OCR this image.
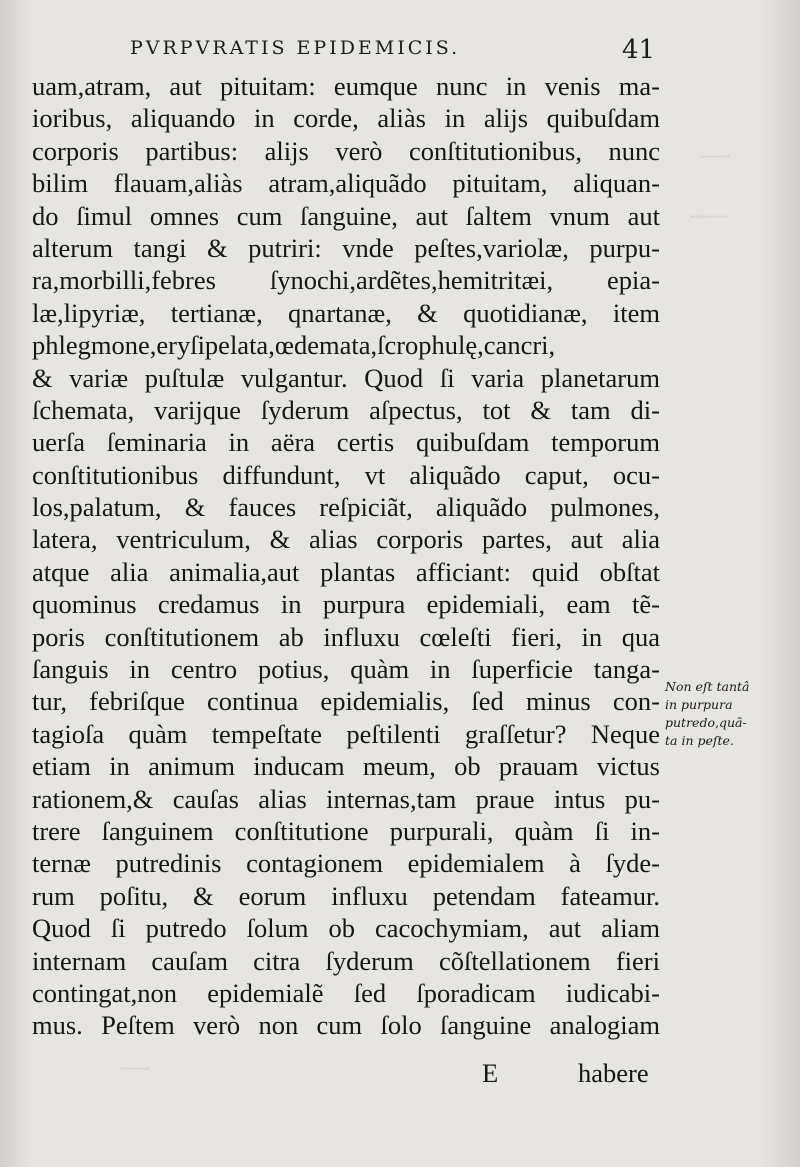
PVRPVRATIS EPIDEMICIS.	41
uam,atram, aut pituitam: eumque nunc in venis ma-
ioribus, aliquando in corde, aliàs in alijs quibuſdam
corporis partibus: alijs verò conſtitutionibus, nunc
bilim flauam,aliàs atram,aliquãdo pituitam, aliquan-
do ſimul omnes cum ſanguine, aut ſaltem vnum aut
alterum tangi & putriri: vnde peſtes,variolæ, purpu-
ra,morbilli,febres ſynochi,ardẽtes,hemitritæi, epia-
læ,lipyriæ, tertianæ, qnartanæ, & quotidianæ, item
phlegmone,eryſipelata,œdemata,ſcrophulę,cancri,
& variæ puſtulæ vulgantur. Quod ſi varia planetarum
ſchemata, varijque ſyderum aſpectus, tot & tam di-
uerſa ſeminaria in aëra certis quibuſdam temporum
conſtitutionibus diffundunt, vt aliquãdo caput, ocu-
los,palatum, & fauces reſpiciãt, aliquãdo pulmones,
latera, ventriculum, & alias corporis partes, aut alia
atque alia animalia,aut plantas afficiant: quid obſtat
quominus credamus in purpura epidemiali, eam tẽ-
poris conſtitutionem ab influxu cœleſti fieri, in qua
ſanguis in centro potius, quàm in ſuperficie tanga-
tur, febriſque continua epidemialis, ſed minus con-
tagioſa quàm tempeſtate peſtilenti graſſetur? Neque
etiam in animum inducam meum, ob prauam victus
rationem,& cauſas alias internas,tam praue intus pu-
trere ſanguinem conſtitutione purpurali, quàm ſi in-
ternæ putredinis contagionem epidemialem à ſyde-
rum poſitu, & eorum influxu petendam fateamur.
Quod ſi putredo ſolum ob cacochymiam, aut aliam
internam cauſam citra ſyderum cõſtellationem fieri
contingat,non epidemialẽ ſed ſporadicam iudicabi-
mus. Peſtem verò non cum ſolo ſanguine analogiam
E	habere
Non eſt tantâ
in purpura
putredo,quã-
ta in peſte.
~~~~
~~~~~
~~~~
